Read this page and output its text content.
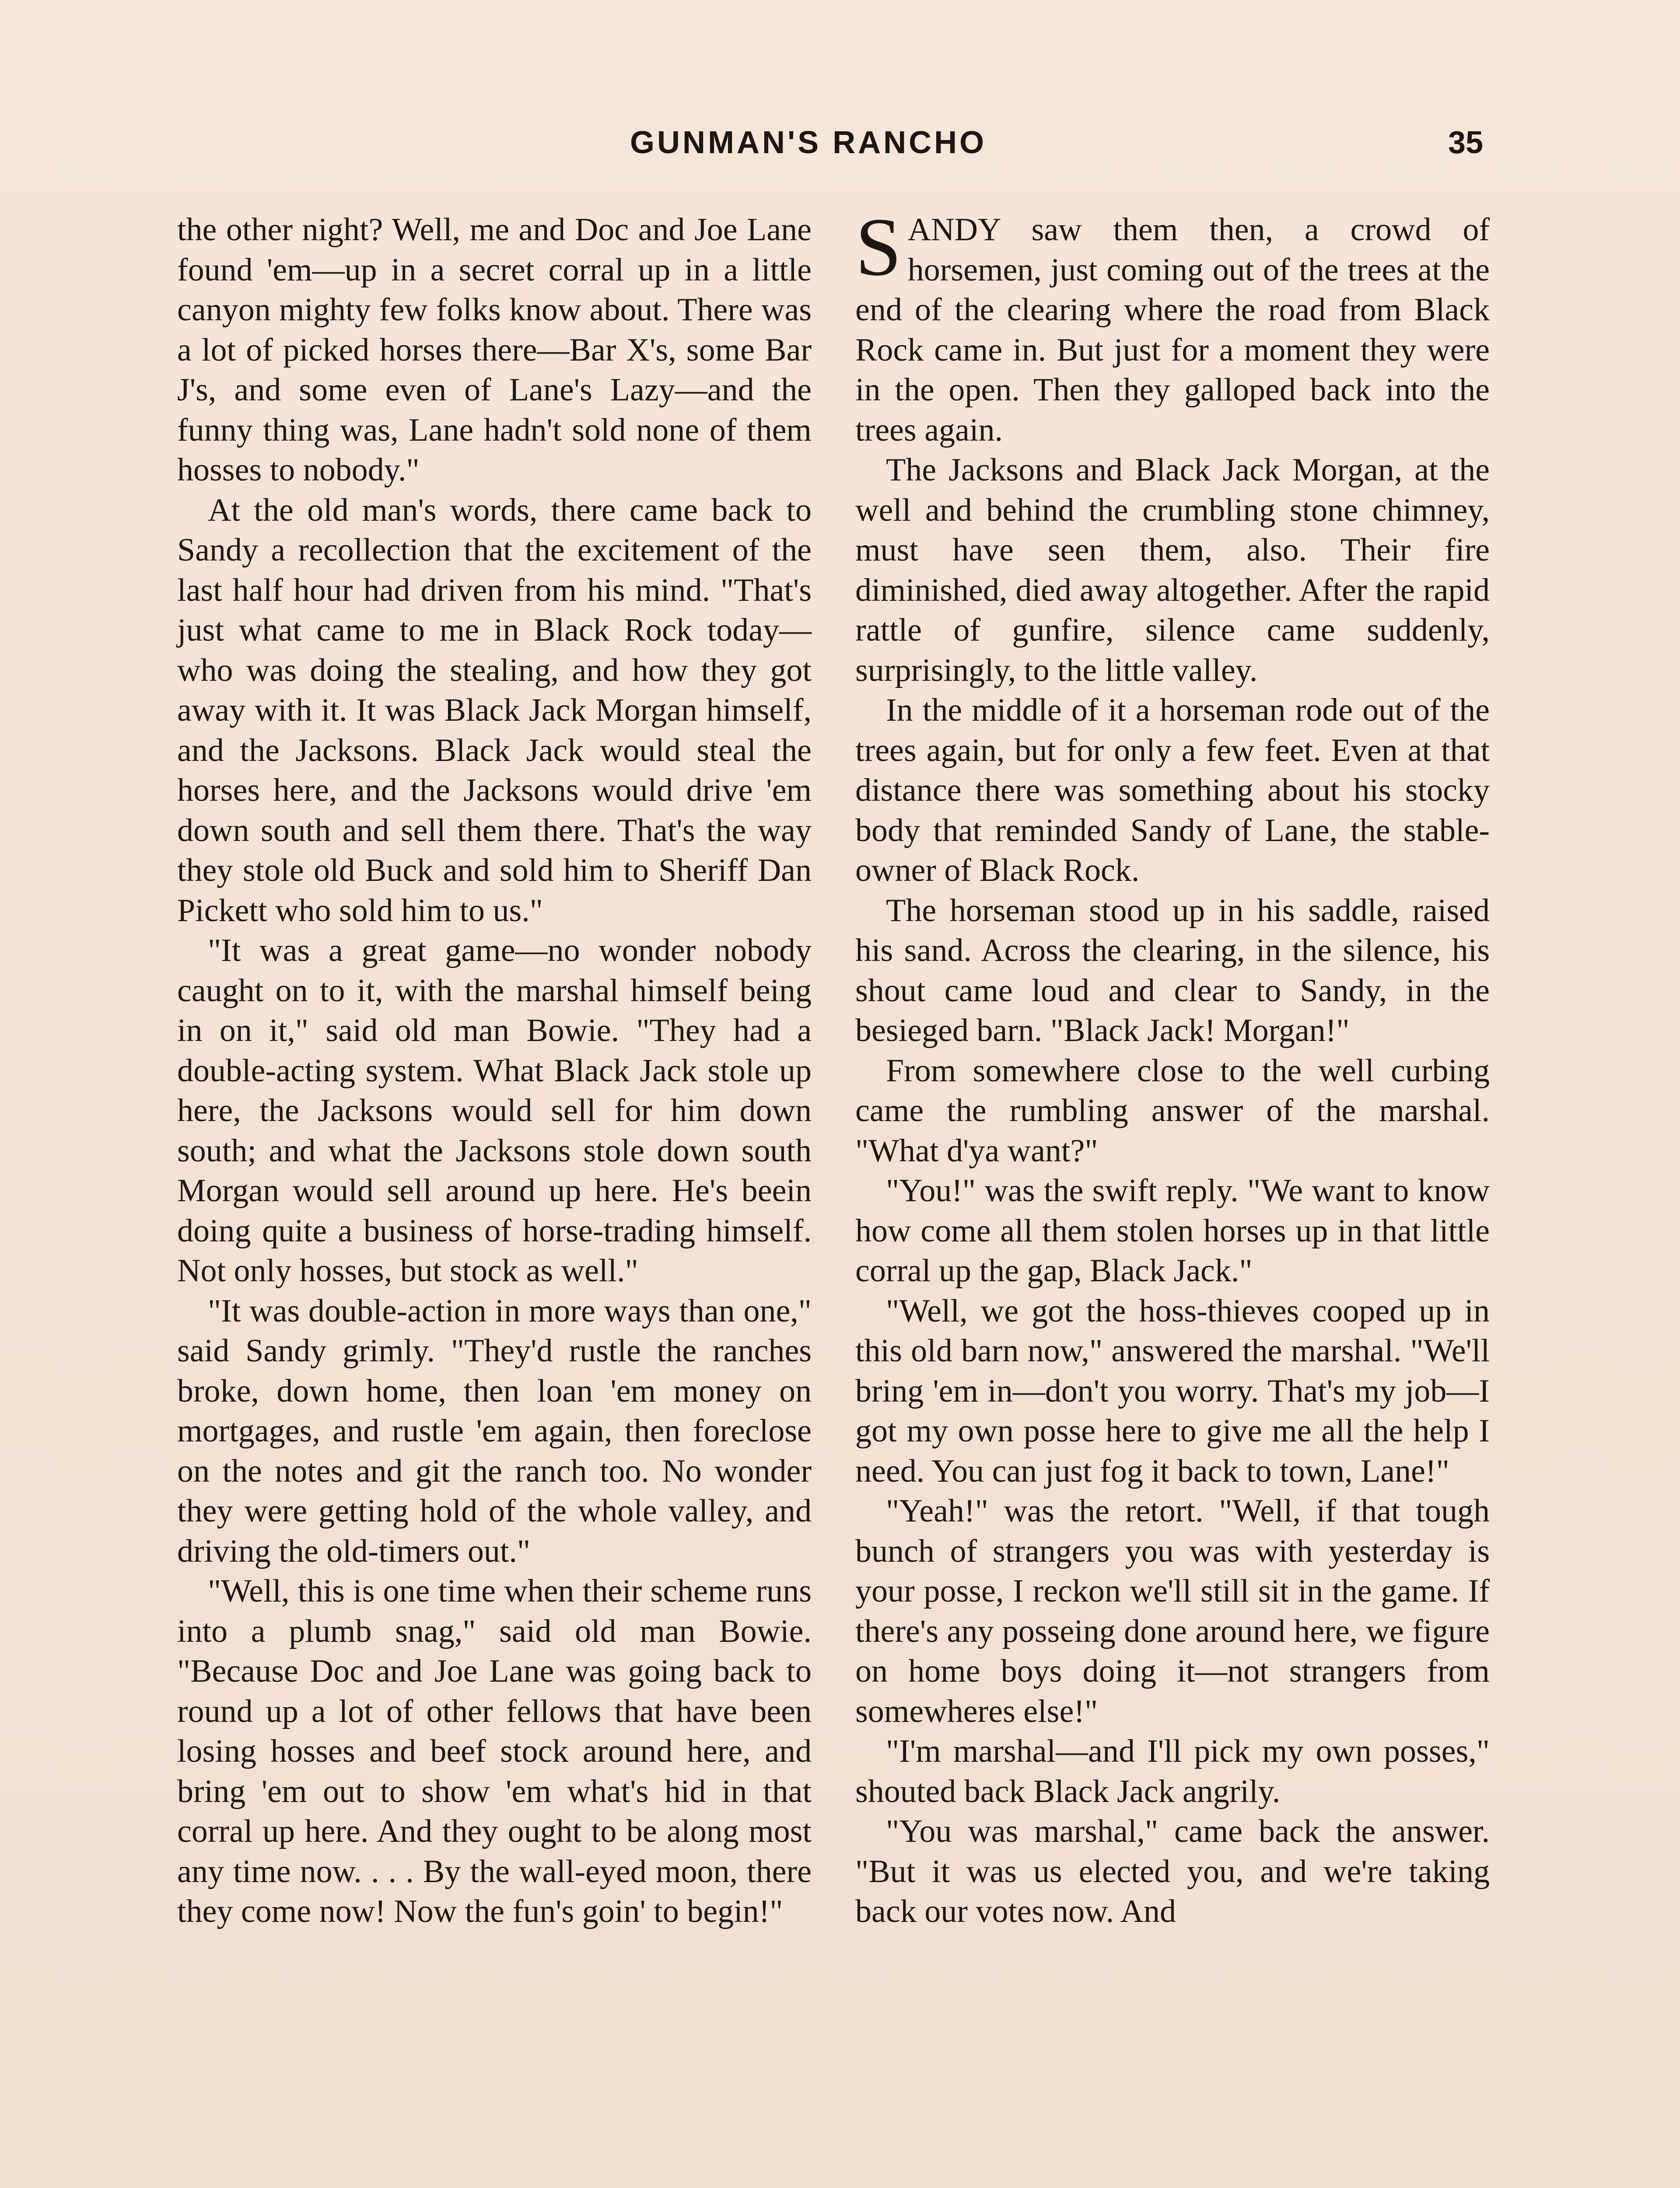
GUNMAN'S RANCHO	35

the other night? Well, me and Doc and Joe Lane found 'em—up in a secret corral up in a little canyon mighty few folks know about. There was a lot of picked horses there—Bar X's, some Bar J's, and some even of Lane's Lazy—and the funny thing was, Lane hadn't sold none of them hosses to nobody."

At the old man's words, there came back to Sandy a recollection that the excitement of the last half hour had driven from his mind. "That's just what came to me in Black Rock today—who was doing the stealing, and how they got away with it. It was Black Jack Morgan himself, and the Jacksons. Black Jack would steal the horses here, and the Jacksons would drive 'em down south and sell them there. That's the way they stole old Buck and sold him to Sheriff Dan Pickett who sold him to us."

"It was a great game—no wonder nobody caught on to it, with the marshal himself being in on it," said old man Bowie. "They had a double-acting system. What Black Jack stole up here, the Jacksons would sell for him down south; and what the Jacksons stole down south Morgan would sell around up here. He's beein doing quite a business of horse-trading himself. Not only hosses, but stock as well."

"It was double-action in more ways than one," said Sandy grimly. "They'd rustle the ranches broke, down home, then loan 'em money on mortgages, and rustle 'em again, then foreclose on the notes and git the ranch too. No wonder they were getting hold of the whole valley, and driving the old-timers out."

"Well, this is one time when their scheme runs into a plumb snag," said old man Bowie. "Because Doc and Joe Lane was going back to round up a lot of other fellows that have been losing hosses and beef stock around here, and bring 'em out to show 'em what's hid in that corral up here. And they ought to be along most any time now. . . . By the wall-eyed moon, there they come now! Now the fun's goin' to begin!"

SANDY saw them then, a crowd of horsemen, just coming out of the trees at the end of the clearing where the road from Black Rock came in. But just for a moment they were in the open. Then they galloped back into the trees again.

The Jacksons and Black Jack Morgan, at the well and behind the crumbling stone chimney, must have seen them, also. Their fire diminished, died away altogether. After the rapid rattle of gunfire, silence came suddenly, surprisingly, to the little valley.

In the middle of it a horseman rode out of the trees again, but for only a few feet. Even at that distance there was something about his stocky body that reminded Sandy of Lane, the stable-owner of Black Rock.

The horseman stood up in his saddle, raised his sand. Across the clearing, in the silence, his shout came loud and clear to Sandy, in the besieged barn. "Black Jack! Morgan!"

From somewhere close to the well curbing came the rumbling answer of the marshal. "What d'ya want?"

"You!" was the swift reply. "We want to know how come all them stolen horses up in that little corral up the gap, Black Jack."

"Well, we got the hoss-thieves cooped up in this old barn now," answered the marshal. "We'll bring 'em in—don't you worry. That's my job—I got my own posse here to give me all the help I need. You can just fog it back to town, Lane!"

"Yeah!" was the retort. "Well, if that tough bunch of strangers you was with yesterday is your posse, I reckon we'll still sit in the game. If there's any posseing done around here, we figure on home boys doing it—not strangers from somewheres else!"

"I'm marshal—and I'll pick my own posses," shouted back Black Jack angrily.

"You was marshal," came back the answer. "But it was us elected you, and we're taking back our votes now. And
